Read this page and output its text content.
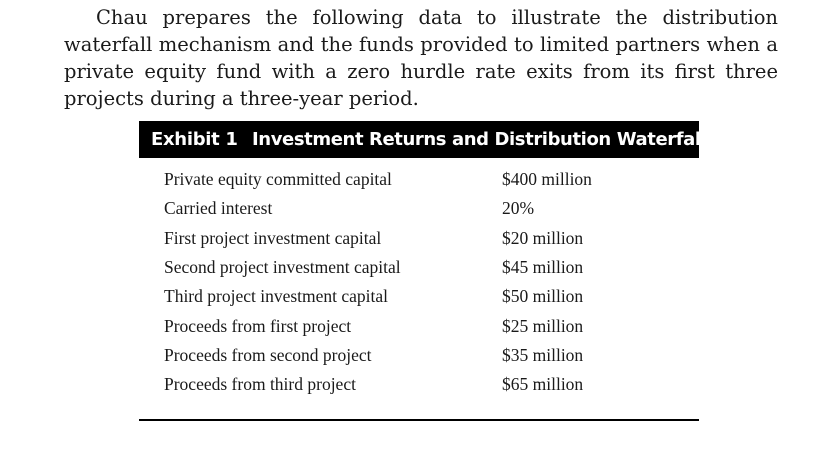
Chau prepares the following data to illustrate the distribution waterfall mechanism and the funds provided to limited partners when a private equity fund with a zero hurdle rate exits from its first three projects during a three-year period.

Exhibit 1 Investment Returns and Distribution Waterfalls
Private equity committed capital	$400 million
Carried interest	20%
First project investment capital	$20 million
Second project investment capital	$45 million
Third project investment capital	$50 million
Proceeds from first project	$25 million
Proceeds from second project	$35 million
Proceeds from third project	$65 million
